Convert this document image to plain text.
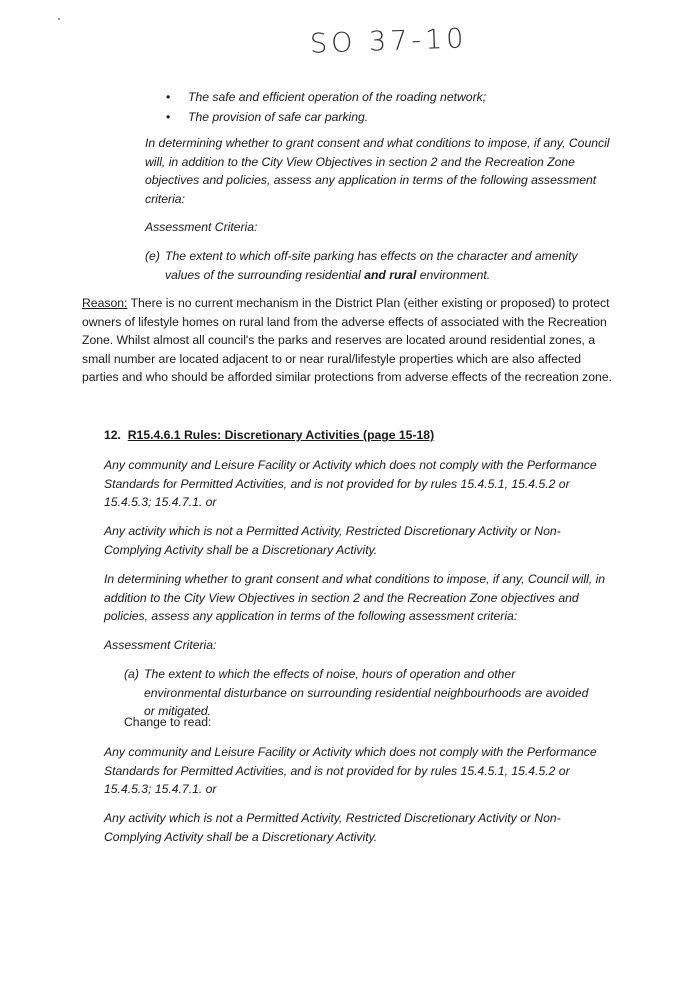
SO 37-10
• The safe and efficient operation of the roading network;
• The provision of safe car parking.
In determining whether to grant consent and what conditions to impose, if any, Council will, in addition to the City View Objectives in section 2 and the Recreation Zone objectives and policies, assess any application in terms of the following assessment criteria:
Assessment Criteria:
(e) The extent to which off-site parking has effects on the character and amenity values of the surrounding residential and rural environment.
Reason: There is no current mechanism in the District Plan (either existing or proposed) to protect owners of lifestyle homes on rural land from the adverse effects of associated with the Recreation Zone. Whilst almost all council's the parks and reserves are located around residential zones, a small number are located adjacent to or near rural/lifestyle properties which are also affected parties and who should be afforded similar protections from adverse effects of the recreation zone.
12. R15.4.6.1 Rules: Discretionary Activities (page 15-18)
Any community and Leisure Facility or Activity which does not comply with the Performance Standards for Permitted Activities, and is not provided for by rules 15.4.5.1, 15.4.5.2 or 15.4.5.3; 15.4.7.1. or
Any activity which is not a Permitted Activity, Restricted Discretionary Activity or Non-Complying Activity shall be a Discretionary Activity.
In determining whether to grant consent and what conditions to impose, if any, Council will, in addition to the City View Objectives in section 2 and the Recreation Zone objectives and policies, assess any application in terms of the following assessment criteria:
Assessment Criteria:
(a) The extent to which the effects of noise, hours of operation and other environmental disturbance on surrounding residential neighbourhoods are avoided or mitigated.
Change to read:
Any community and Leisure Facility or Activity which does not comply with the Performance Standards for Permitted Activities, and is not provided for by rules 15.4.5.1, 15.4.5.2 or 15.4.5.3; 15.4.7.1. or
Any activity which is not a Permitted Activity, Restricted Discretionary Activity or Non-Complying Activity shall be a Discretionary Activity.
